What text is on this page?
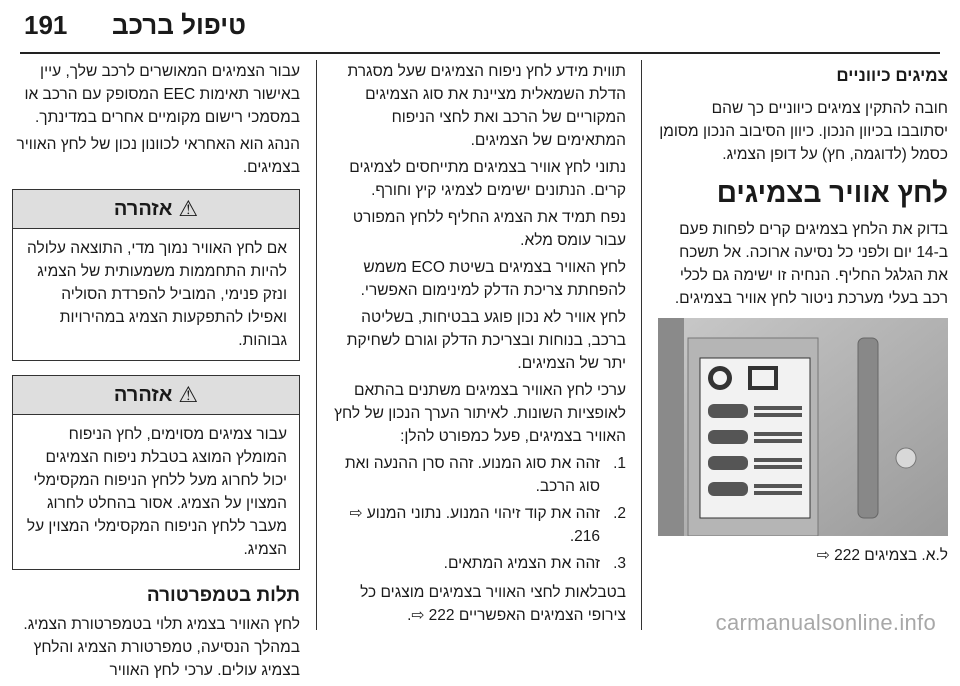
191 טיפול ברכב
צמיגים כיווניים

חובה להתקין צמיגים כיווניים כך שהם יסתובבו בכיוון הנכון. כיוון הסיבוב הנכון מסומן כסמל (לדוגמה, חץ) על דופן הצמיג.

לחץ אוויר בצמיגים

בדוק את הלחץ בצמיגים קרים לפחות פעם ב-14 יום ולפני כל נסיעה ארוכה. אל תשכח את הגלגל החליף. הנחיה זו ישימה גם לכלי רכב בעלי מערכת ניטור לחץ אוויר בצמיגים.

ל.א. בצמיגים ⇨ 222

תווית מידע לחץ ניפוח הצמיגים שעל מסגרת הדלת השמאלית מציינת את סוג הצמיגים המקוריים של הרכב ואת לחצי הניפוח המתאימים של הצמיגים.

נתוני לחץ אוויר בצמיגים מתייחסים לצמיגים קרים. הנתונים ישימים לצמיגי קיץ וחורף.

נפח תמיד את הצמיג החליף ללחץ המפורט עבור עומס מלא.

לחץ האוויר בצמיגים בשיטת ECO משמש להפחתת צריכת הדלק למינימום האפשרי.

לחץ אוויר לא נכון פוגע בבטיחות, בשליטה ברכב, בנוחות ובצריכת הדלק וגורם לשחיקת יתר של הצמיגים.

ערכי לחץ האוויר בצמיגים משתנים בהתאם לאופציות השונות. לאיתור הערך הנכון של לחץ האוויר בצמיגים, פעל כמפורט להלן:

1.
זהה את סוג המנוע. זהה סרן ההנעה ואת סוג הרכב.
2.
זהה את קוד זיהוי המנוע. נתוני המנוע ⇨ 216.
3.
זהה את הצמיג המתאים.

בטבלאות לחצי האוויר בצמיגים מוצגים כל צירופי הצמיגים האפשריים ⇨ 222.

עבור הצמיגים המאושרים לרכב שלך, עיין באישור תאימות EEC המסופק עם הרכב או במסמכי רישום מקומיים אחרים במדינתך.

הנהג הוא האחראי לכוונון נכון של לחץ האוויר בצמיגים.

⚠
אזהרה
אם לחץ האוויר נמוך מדי, התוצאה עלולה להיות התחממות משמעותית של הצמיג ונזק פנימי, המוביל להפרדת הסוליה ואפילו להתפקעות הצמיג במהירויות גבוהות.
⚠
אזהרה
עבור צמיגים מסוימים, לחץ הניפוח המומלץ המוצג בטבלת ניפוח הצמיגים יכול לחרוג מעל ללחץ הניפוח המקסימלי המצוין על הצמיג. אסור בהחלט לחרוג מעבר ללחץ הניפוח המקסימלי המצוין על הצמיג.
תלות בטמפרטורה

לחץ האוויר בצמיג תלוי בטמפרטורת הצמיג. במהלך הנסיעה, טמפרטורת הצמיג והלחץ בצמיג עולים. ערכי לחץ האוויר

carmanualsonline.info
